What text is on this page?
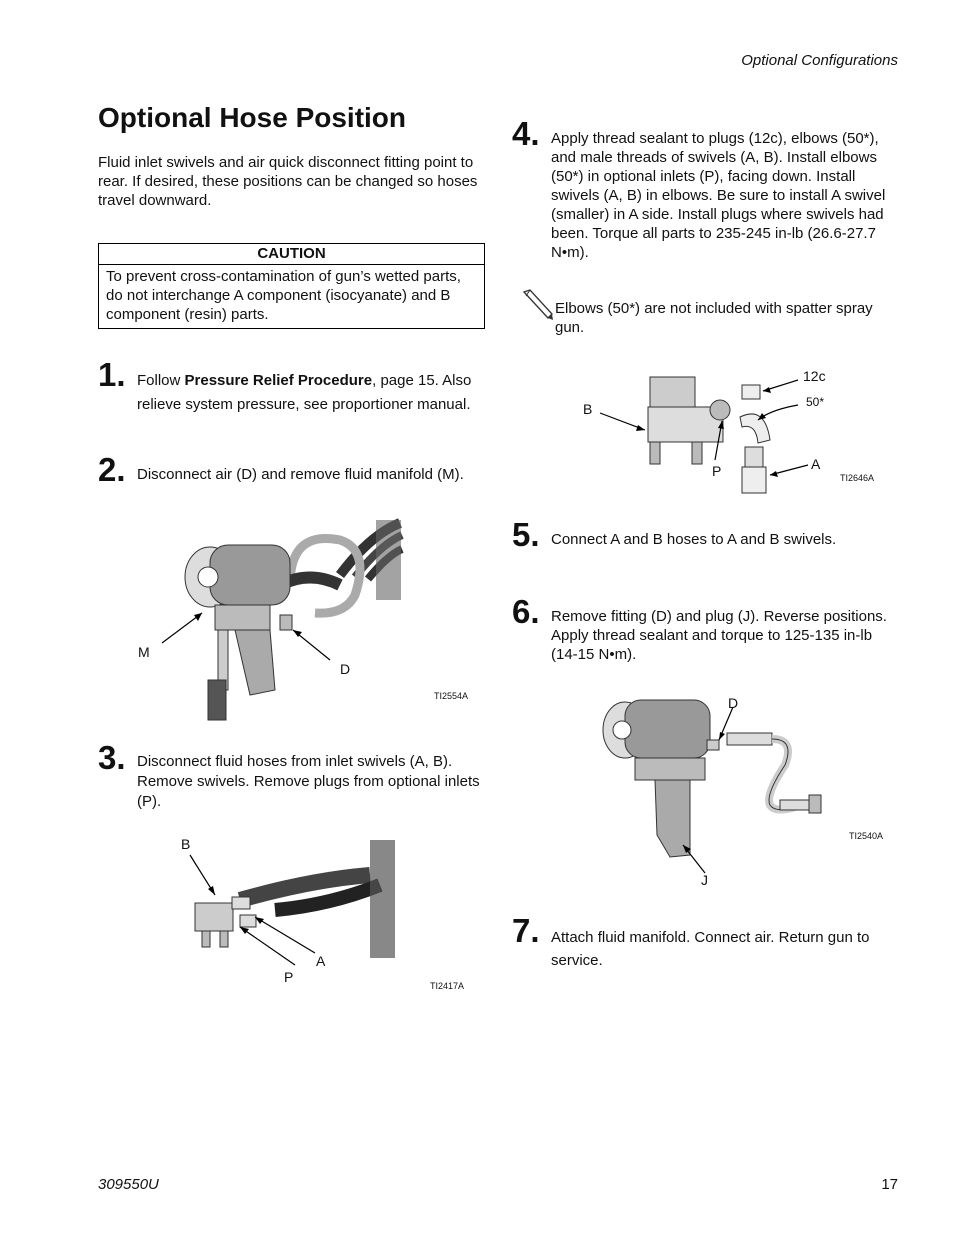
Optional Configurations
Optional Hose Position
Fluid inlet swivels and air quick disconnect fitting point to rear. If desired, these positions can be changed so hoses travel downward.
CAUTION
To prevent cross-contamination of gun’s wetted parts, do not interchange A component (isocyanate) and B component (resin) parts.
1. Follow Pressure Relief Procedure, page 15. Also relieve system pressure, see proportioner manual.
2. Disconnect air (D) and remove fluid manifold (M).
M
D
TI2554A
3. Disconnect fluid hoses from inlet swivels (A, B). Remove swivels. Remove plugs from optional inlets (P).
B
A
P
TI2417A
4. Apply thread sealant to plugs (12c), elbows (50*), and male threads of swivels (A, B). Install elbows (50*) in optional inlets (P), facing down. Install swivels (A, B) in elbows. Be sure to install A swivel (smaller) in A side. Install plugs where swivels had been. Torque all parts to 235-245 in-lb (26.6-27.7 N•m).
Elbows (50*) are not included with spatter spray gun.
12c
50*
B
P	A
TI2646A
5. Connect A and B hoses to A and B swivels.
6. Remove fitting (D) and plug (J). Reverse positions. Apply thread sealant and torque to 125-135 in-lb (14-15 N•m).
D
J
TI2540A
7. Attach fluid manifold. Connect air. Return gun to service.
309550U	17
